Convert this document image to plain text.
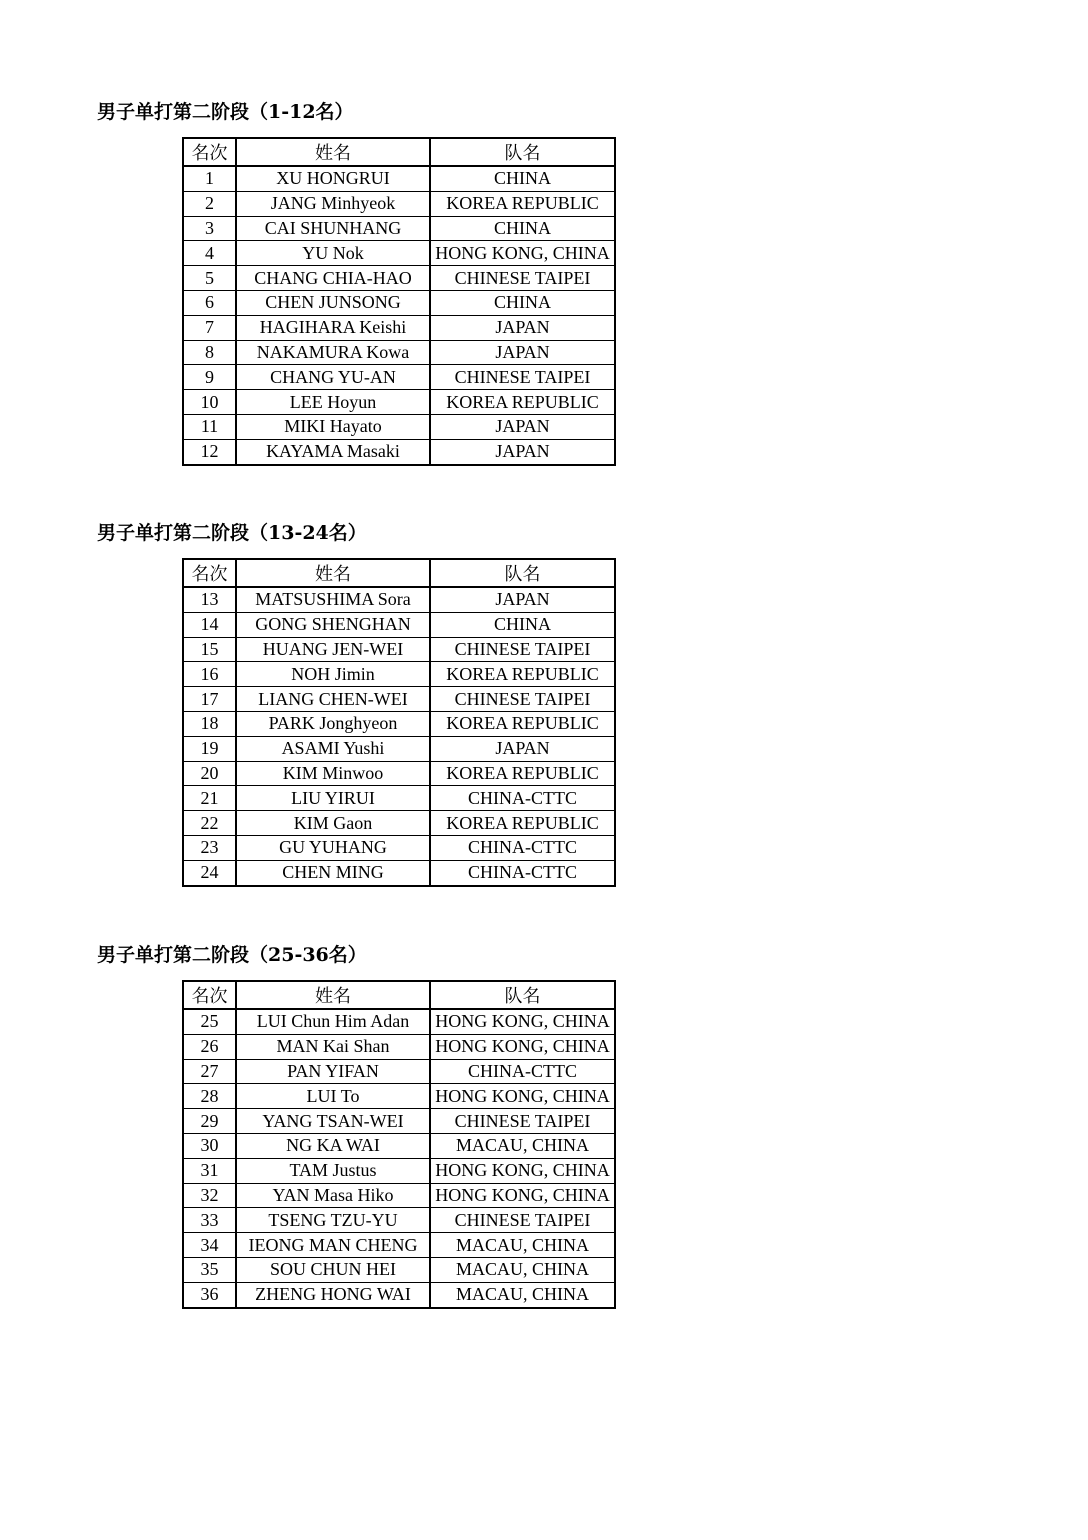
男子单打第二阶段（1-12名）
名次	姓名	队名
1	XU HONGRUI	CHINA
2	JANG Minhyeok	KOREA REPUBLIC
3	CAI SHUNHANG	CHINA
4	YU Nok	HONG KONG, CHINA
5	CHANG CHIA-HAO	CHINESE TAIPEI
6	CHEN JUNSONG	CHINA
7	HAGIHARA Keishi	JAPAN
8	NAKAMURA Kowa	JAPAN
9	CHANG YU-AN	CHINESE TAIPEI
10	LEE Hoyun	KOREA REPUBLIC
11	MIKI Hayato	JAPAN
12	KAYAMA Masaki	JAPAN
男子单打第二阶段（13-24名）
名次	姓名	队名
13	MATSUSHIMA Sora	JAPAN
14	GONG SHENGHAN	CHINA
15	HUANG JEN-WEI	CHINESE TAIPEI
16	NOH Jimin	KOREA REPUBLIC
17	LIANG CHEN-WEI	CHINESE TAIPEI
18	PARK Jonghyeon	KOREA REPUBLIC
19	ASAMI Yushi	JAPAN
20	KIM Minwoo	KOREA REPUBLIC
21	LIU YIRUI	CHINA-CTTC
22	KIM Gaon	KOREA REPUBLIC
23	GU YUHANG	CHINA-CTTC
24	CHEN MING	CHINA-CTTC
男子单打第二阶段（25-36名）
名次	姓名	队名
25	LUI Chun Him Adan	HONG KONG, CHINA
26	MAN Kai Shan	HONG KONG, CHINA
27	PAN YIFAN	CHINA-CTTC
28	LUI To	HONG KONG, CHINA
29	YANG TSAN-WEI	CHINESE TAIPEI
30	NG KA WAI	MACAU, CHINA
31	TAM Justus	HONG KONG, CHINA
32	YAN Masa Hiko	HONG KONG, CHINA
33	TSENG TZU-YU	CHINESE TAIPEI
34	IEONG MAN CHENG	MACAU, CHINA
35	SOU CHUN HEI	MACAU, CHINA
36	ZHENG HONG WAI	MACAU, CHINA
